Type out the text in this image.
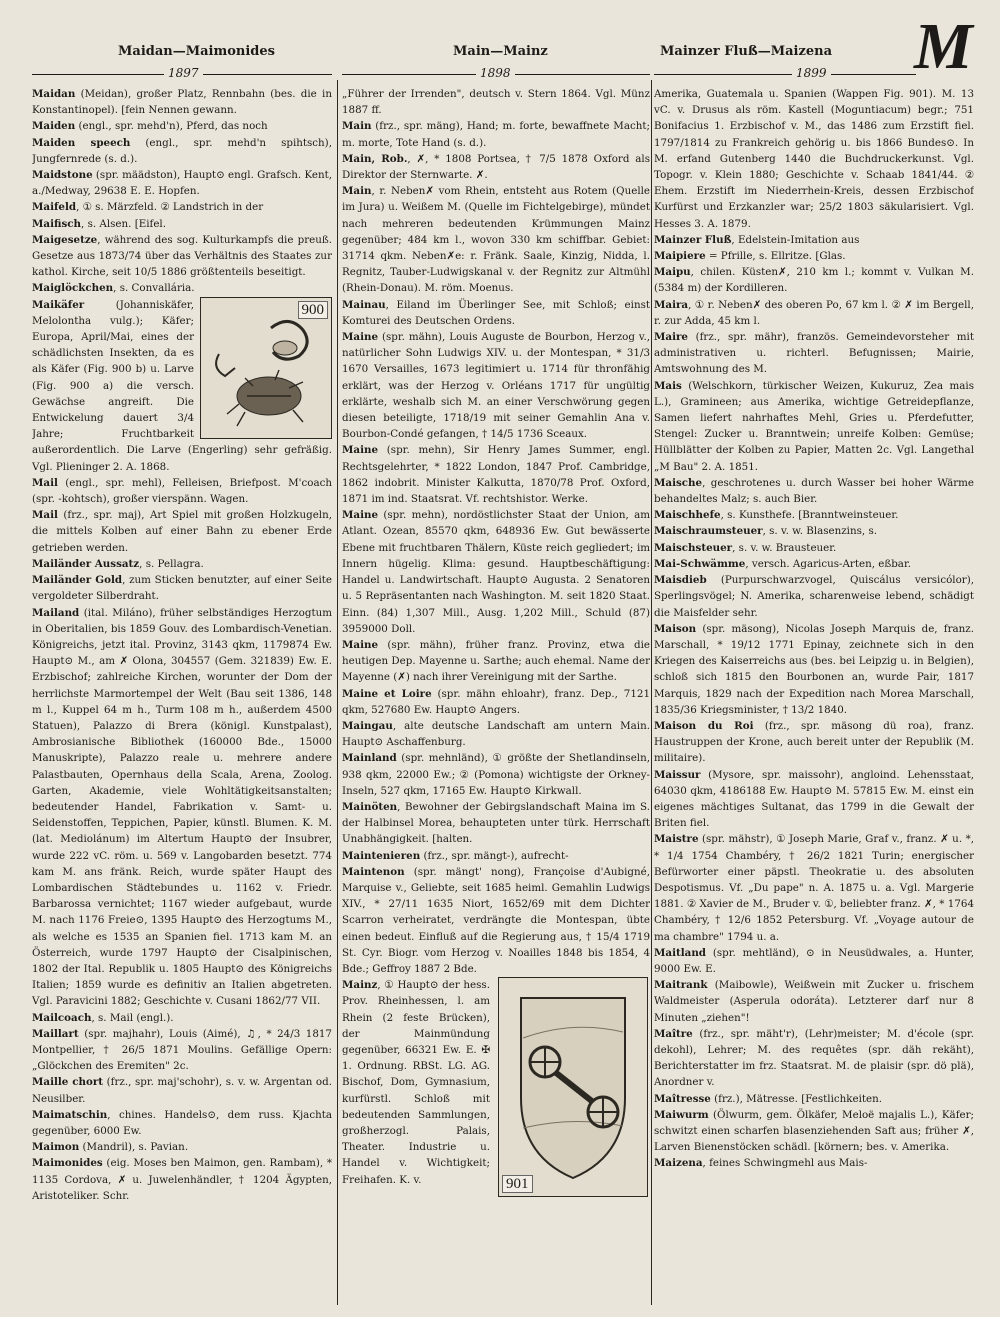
Maidan—Maimonides	Main—Mainz	Mainzer Fluß—Maizena M
1897	1898	1899

Maidan (Meidan), großer Platz, Rennbahn (bes. die in Konstantinopel). [fein Nennen gewann.

Maiden (engl., spr. mehd'n), Pferd, das noch

Maiden speech (engl., spr. mehd'n spihtsch), Jungfernrede (s. d.).

Maidstone (spr. määdston), Haupt⊙ engl. Grafsch. Kent, a./Medway, 29638 E. E. Hopfen.

Maifeld, ① s. Märzfeld. ② Landstrich in der

Maifisch, s. Alsen. [Eifel.

Maigesetze, während des sog. Kulturkampfs die preuß. Gesetze aus 1873/74 über das Verhältnis des Staates zur kathol. Kirche, seit 10/5 1886 größtenteils beseitigt.

Maiglöckchen, s. Convallária.

900
Maikäfer (Johanniskäfer, Melolontha vulg.); Käfer; Europa, April/Mai, eines der schädlichsten Insekten, da es als Käfer (Fig. 900 b) u. Larve (Fig. 900 a) die versch. Gewächse angreift. Die Entwickelung dauert 3/4 Jahre; Fruchtbarkeit außerordentlich. Die Larve (Engerling) sehr gefräßig. Vgl. Plieninger 2. A. 1868.

Mail (engl., spr. mehl), Felleisen, Briefpost. M'coach (spr. -kohtsch), großer vierspänn. Wagen.

Mail (frz., spr. maj), Art Spiel mit großen Holzkugeln, die mittels Kolben auf einer Bahn zu ebener Erde getrieben werden.

Mailänder Aussatz, s. Pellagra.

Mailänder Gold, zum Sticken benutzter, auf einer Seite vergoldeter Silberdraht.

Mailand (ital. Miláno), früher selbständiges Herzogtum in Oberitalien, bis 1859 Gouv. des Lombardisch-Venetian. Königreichs, jetzt ital. Provinz, 3143 qkm, 1179874 Ew. Haupt⊙ M., am ✗ Olona, 304557 (Gem. 321839) Ew. E. Erzbischof; zahlreiche Kirchen, worunter der Dom der herrlichste Marmortempel der Welt (Bau seit 1386, 148 m l., Kuppel 64 m h., Turm 108 m h., außerdem 4500 Statuen), Palazzo di Brera (königl. Kunstpalast), Ambrosianische Bibliothek (160000 Bde., 15000 Manuskripte), Palazzo reale u. mehrere andere Palastbauten, Opernhaus della Scala, Arena, Zoolog. Garten, Akademie, viele Wohltätigkeitsanstalten; bedeutender Handel, Fabrikation v. Samt- u. Seidenstoffen, Teppichen, Papier, künstl. Blumen. K. M. (lat. Mediolánum) im Altertum Haupt⊙ der Insubrer, wurde 222 vC. röm. u. 569 v. Langobarden besetzt. 774 kam M. ans fränk. Reich, wurde später Haupt des Lombardischen Städtebundes u. 1162 v. Friedr. Barbarossa vernichtet; 1167 wieder aufgebaut, wurde M. nach 1176 Freie⊙, 1395 Haupt⊙ des Herzogtums M., als welche es 1535 an Spanien fiel. 1713 kam M. an Österreich, wurde 1797 Haupt⊙ der Cisalpinischen, 1802 der Ital. Republik u. 1805 Haupt⊙ des Königreichs Italien; 1859 wurde es definitiv an Italien abgetreten. Vgl. Paravicini 1882; Geschichte v. Cusani 1862/77 VII.

Mailcoach, s. Mail (engl.).

Maillart (spr. majhahr), Louis (Aimé), ♫, * 24/3 1817 Montpellier, † 26/5 1871 Moulins. Gefällige Opern: „Glöckchen des Eremiten" 2c.

Maille chort (frz., spr. maj'schohr), s. v. w. Argentan od. Neusilber.

Maimatschin, chines. Handels⊙, dem russ. Kjachta gegenüber, 6000 Ew.

Maimon (Mandril), s. Pavian.

Maimonides (eig. Moses ben Maimon, gen. Rambam), * 1135 Cordova, ✗ u. Juwelenhändler, † 1204 Ägypten, Aristoteliker. Schr.

„Führer der Irrenden", deutsch v. Stern 1864. Vgl. Münz 1887 ff.

Main (frz., spr. mäng), Hand; m. forte, bewaffnete Macht; m. morte, Tote Hand (s. d.).

Main, Rob., ✗, * 1808 Portsea, † 7/5 1878 Oxford als Direktor der Sternwarte. ✗.

Main, r. Neben✗ vom Rhein, entsteht aus Rotem (Quelle im Jura) u. Weißem M. (Quelle im Fichtelgebirge), mündet nach mehreren bedeutenden Krümmungen Mainz gegenüber; 484 km l., wovon 330 km schiffbar. Gebiet: 31714 qkm. Neben✗e: r. Fränk. Saale, Kinzig, Nidda, l. Regnitz, Tauber-Ludwigskanal v. der Regnitz zur Altmühl (Rhein-Donau). M. röm. Moenus.

Mainau, Eiland im Überlinger See, mit Schloß; einst Komturei des Deutschen Ordens.

Maine (spr. mähn), Louis Auguste de Bourbon, Herzog v., natürlicher Sohn Ludwigs XIV. u. der Montespan, * 31/3 1670 Versailles, 1673 legitimiert u. 1714 für thronfähig erklärt, was der Herzog v. Orléans 1717 für ungültig erklärte, weshalb sich M. an einer Verschwörung gegen diesen beteiligte, 1718/19 mit seiner Gemahlin Ana v. Bourbon-Condé gefangen, † 14/5 1736 Sceaux.

Maine (spr. mehn), Sir Henry James Summer, engl. Rechtsgelehrter, * 1822 London, 1847 Prof. Cambridge, 1862 indobrit. Minister Kalkutta, 1870/78 Prof. Oxford, 1871 im ind. Staatsrat. Vf. rechtshistor. Werke.

Maine (spr. mehn), nordöstlichster Staat der Union, am Atlant. Ozean, 85570 qkm, 648936 Ew. Gut bewässerte Ebene mit fruchtbaren Thälern, Küste reich gegliedert; im Innern hügelig. Klima: gesund. Hauptbeschäftigung: Handel u. Landwirtschaft. Haupt⊙ Augusta. 2 Senatoren u. 5 Repräsentanten nach Washington. M. seit 1820 Staat. Einn. (84) 1,307 Mill., Ausg. 1,202 Mill., Schuld (87) 3959000 Doll.

Maine (spr. mähn), früher franz. Provinz, etwa die heutigen Dep. Mayenne u. Sarthe; auch ehemal. Name der Mayenne (✗) nach ihrer Vereinigung mit der Sarthe.

Maine et Loire (spr. mähn ehloahr), franz. Dep., 7121 qkm, 527680 Ew. Haupt⊙ Angers.

Maingau, alte deutsche Landschaft am untern Main. Haupt⊙ Aschaffenburg.

Mainland (spr. mehnländ), ① größte der Shetlandinseln, 938 qkm, 22000 Ew.; ② (Pomona) wichtigste der Orkney-Inseln, 527 qkm, 17165 Ew. Haupt⊙ Kirkwall.

Mainöten, Bewohner der Gebirgslandschaft Maina im S. der Halbinsel Morea, behaupteten unter türk. Herrschaft Unabhängigkeit. [halten.

Maintenieren (frz., spr. mängt-), aufrecht-

Maintenon (spr. mängt' nong), Françoise d'Aubigné, Marquise v., Geliebte, seit 1685 heiml. Gemahlin Ludwigs XIV., * 27/11 1635 Niort, 1652/69 mit dem Dichter Scarron verheiratet, verdrängte die Montespan, übte einen bedeut. Einfluß auf die Regierung aus, † 15/4 1719 St. Cyr. Biogr. vom Herzog v. Noailles 1848 bis 1854, 4 Bde.; Geffroy 1887 2 Bde.

901
Mainz, ① Haupt⊙ der hess. Prov. Rheinhessen, l. am Rhein (2 feste Brücken), der Mainmündung gegenüber, 66321 Ew. E. ✠ 1. Ordnung. RBSt. LG. AG. Bischof, Dom, Gymnasium, kurfürstl. Schloß mit bedeutenden Sammlungen, großherzogl. Palais, Theater. Industrie u. Handel v. Wichtigkeit; Freihafen. K. v.

Amerika, Guatemala u. Spanien (Wappen Fig. 901). M. 13 vC. v. Drusus als röm. Kastell (Moguntiacum) begr.; 751 Bonifacius 1. Erzbischof v. M., das 1486 zum Erzstift fiel. 1797/1814 zu Frankreich gehörig u. bis 1866 Bundes⊙. In M. erfand Gutenberg 1440 die Buchdruckerkunst. Vgl. Topogr. v. Klein 1880; Geschichte v. Schaab 1841/44. ② Ehem. Erzstift im Niederrhein-Kreis, dessen Erzbischof Kurfürst und Erzkanzler war; 25/2 1803 säkularisiert. Vgl. Hesses 3. A. 1879.

Mainzer Fluß, Edelstein-Imitation aus

Maipiere = Pfrille, s. Ellritze. [Glas.

Maipu, chilen. Küsten✗, 210 km l.; kommt v. Vulkan M. (5384 m) der Kordilleren.

Maira, ① r. Neben✗ des oberen Po, 67 km l. ② ✗ im Bergell, r. zur Adda, 45 km l.

Maire (frz., spr. mähr), französ. Gemeindevorsteher mit administrativen u. richterl. Befugnissen; Mairie, Amtswohnung des M.

Mais (Welschkorn, türkischer Weizen, Kukuruz, Zea mais L.), Gramineen; aus Amerika, wichtige Getreidepflanze, Samen liefert nahrhaftes Mehl, Gries u. Pferdefutter, Stengel: Zucker u. Branntwein; unreife Kolben: Gemüse; Hüllblätter der Kolben zu Papier, Matten 2c. Vgl. Langethal „M Bau" 2. A. 1851.

Maische, geschrotenes u. durch Wasser bei hoher Wärme behandeltes Malz; s. auch Bier.

Maischhefe, s. Kunsthefe. [Branntweinsteuer.

Maischraumsteuer, s. v. w. Blasenzins, s.

Maischsteuer, s. v. w. Brausteuer.

Mai-Schwämme, versch. Agaricus-Arten, eßbar.

Maisdieb (Purpurschwarzvogel, Quiscálus versicólor), Sperlingsvögel; N. Amerika, scharenweise lebend, schädigt die Maisfelder sehr.

Maison (spr. mäsong), Nicolas Joseph Marquis de, franz. Marschall, * 19/12 1771 Epinay, zeichnete sich in den Kriegen des Kaiserreichs aus (bes. bei Leipzig u. in Belgien), schloß sich 1815 den Bourbonen an, wurde Pair, 1817 Marquis, 1829 nach der Expedition nach Morea Marschall, 1835/36 Kriegsminister, † 13/2 1840.

Maison du Roi (frz., spr. mäsong dü roa), franz. Haustruppen der Krone, auch bereit unter der Republik (M. militaire).

Maissur (Mysore, spr. maissohr), angloind. Lehensstaat, 64030 qkm, 4186188 Ew. Haupt⊙ M. 57815 Ew. M. einst ein eigenes mächtiges Sultanat, das 1799 in die Gewalt der Briten fiel.

Maistre (spr. mähstr), ① Joseph Marie, Graf v., franz. ✗ u. *, * 1/4 1754 Chambéry, † 26/2 1821 Turin; energischer Befürworter einer päpstl. Theokratie u. des absoluten Despotismus. Vf. „Du pape" n. A. 1875 u. a. Vgl. Margerie 1881. ② Xavier de M., Bruder v. ①, beliebter franz. ✗, * 1764 Chambéry, † 12/6 1852 Petersburg. Vf. „Voyage autour de ma chambre" 1794 u. a.

Maitland (spr. mehtländ), ⊙ in Neusüdwales, a. Hunter, 9000 Ew. E.

Maitrank (Maibowle), Weißwein mit Zucker u. frischem Waldmeister (Asperula odoráta). Letzterer darf nur 8 Minuten „ziehen"!

Maître (frz., spr. mäht'r), (Lehr)meister; M. d'école (spr. dekohl), Lehrer; M. des requêtes (spr. däh rekäht), Berichterstatter im frz. Staatsrat. M. de plaisir (spr. dö plä), Anordner v.

Maîtresse (frz.), Mätresse. [Festlichkeiten.

Maiwurm (Ölwurm, gem. Ölkäfer, Meloë majalis L.), Käfer; schwitzt einen scharfen blasenziehenden Saft aus; früher ✗, Larven Bienenstöcken schädl. [körnern; bes. v. Amerika.

Maizena, feines Schwingmehl aus Mais-
